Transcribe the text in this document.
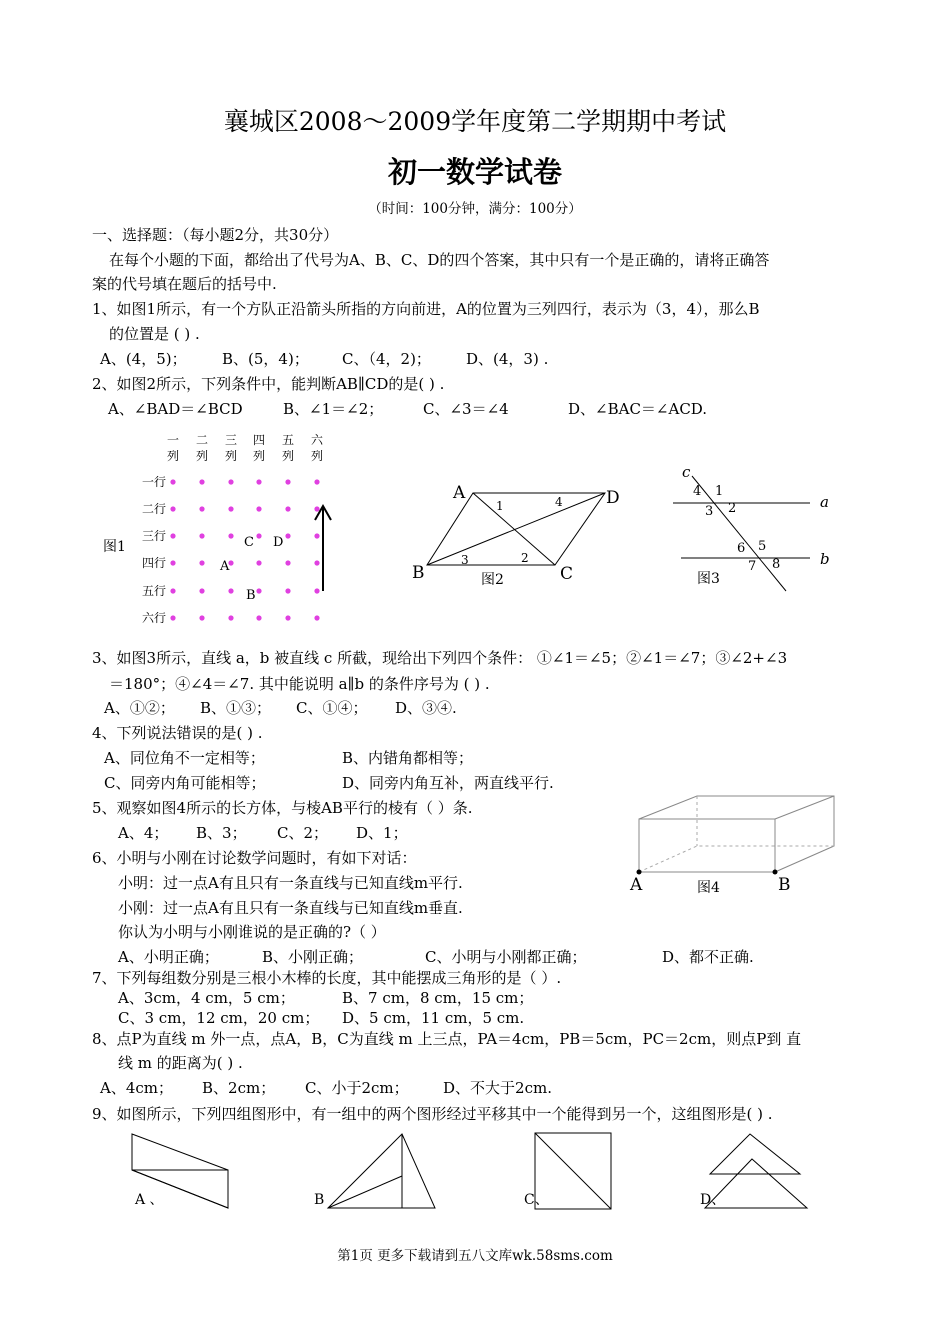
襄城区2008～2009学年度第二学期期中考试
初一数学试卷
（时间：100分钟，满分：100分）
一、选择题：（每小题2分，共30分）
在每个小题的下面，都给出了代号为A、B、C、D的四个答案，其中只有一个是正确的，请将正确答
案的代号填在题后的括号中.
1、如图1所示，有一个方队正沿箭头所指的方向前进，A的位置为三列四行，表示为（3，4），那么B
的位置是 ( ) .
A、(4，5)； B、(5，4)； C、（4，2)； D、(4，3) .
2、如图2所示，下列条件中，能判断AB∥CD的是( ) .
A、∠BAD＝∠BCD	B、∠1＝∠2；	C、∠3＝∠4	D、∠BAC＝∠ACD.
一
列
二
列
三
列
四
列
五
列
六
列
一行
二行
三行
四行
五行
六行
图1	C D
A
B
A	D
B	C
1	4
3	2
图2
c
a
b
4 1
3 2
6 5
7 8
图3
3、如图3所示，直线 a，b 被直线 c 所截，现给出下列四个条件： ①∠1＝∠5；②∠1＝∠7；③∠2+∠3
＝180°；④∠4＝∠7. 其中能说明 a∥b 的条件序号为 ( ) .
A、①②； B、①③； C、①④； D、③④.
4、下列说法错误的是( ) .
A、同位角不一定相等；	B、内错角都相等；
C、同旁内角可能相等；	D、同旁内角互补，两直线平行.
5、观察如图4所示的长方体，与棱AB平行的棱有（ ）条.
A、4； B、3； C、2； D、1；
A	B
图4
6、小明与小刚在讨论数学问题时，有如下对话：
小明：过一点A有且只有一条直线与已知直线m平行.
小刚：过一点A有且只有一条直线与已知直线m垂直.
你认为小明与小刚谁说的是正确的?（ ）
A、小明正确；	B、小刚正确；	C、小明与小刚都正确；	D、都不正确.
7、下列每组数分别是三根小木棒的长度，其中能摆成三角形的是（ ）.
A、3cm，4 cm，5 cm；	B、7 cm，8 cm，15 cm；
C、3 cm，12 cm，20 cm； D、5 cm，11 cm，5 cm.
8、点P为直线 m 外一点，点A，B，C为直线 m 上三点，PA＝4cm，PB＝5cm，PC＝2cm，则点P到 直
线 m 的距离为( ) .
A、4cm； B、2cm； C、小于2cm； D、不大于2cm.
9、如图所示，下列四组图形中，有一组中的两个图形经过平移其中一个能得到另一个，这组图形是( ) .
A 、	B	C、	D、
第1页 更多下载请到五八文库wk.58sms.com
